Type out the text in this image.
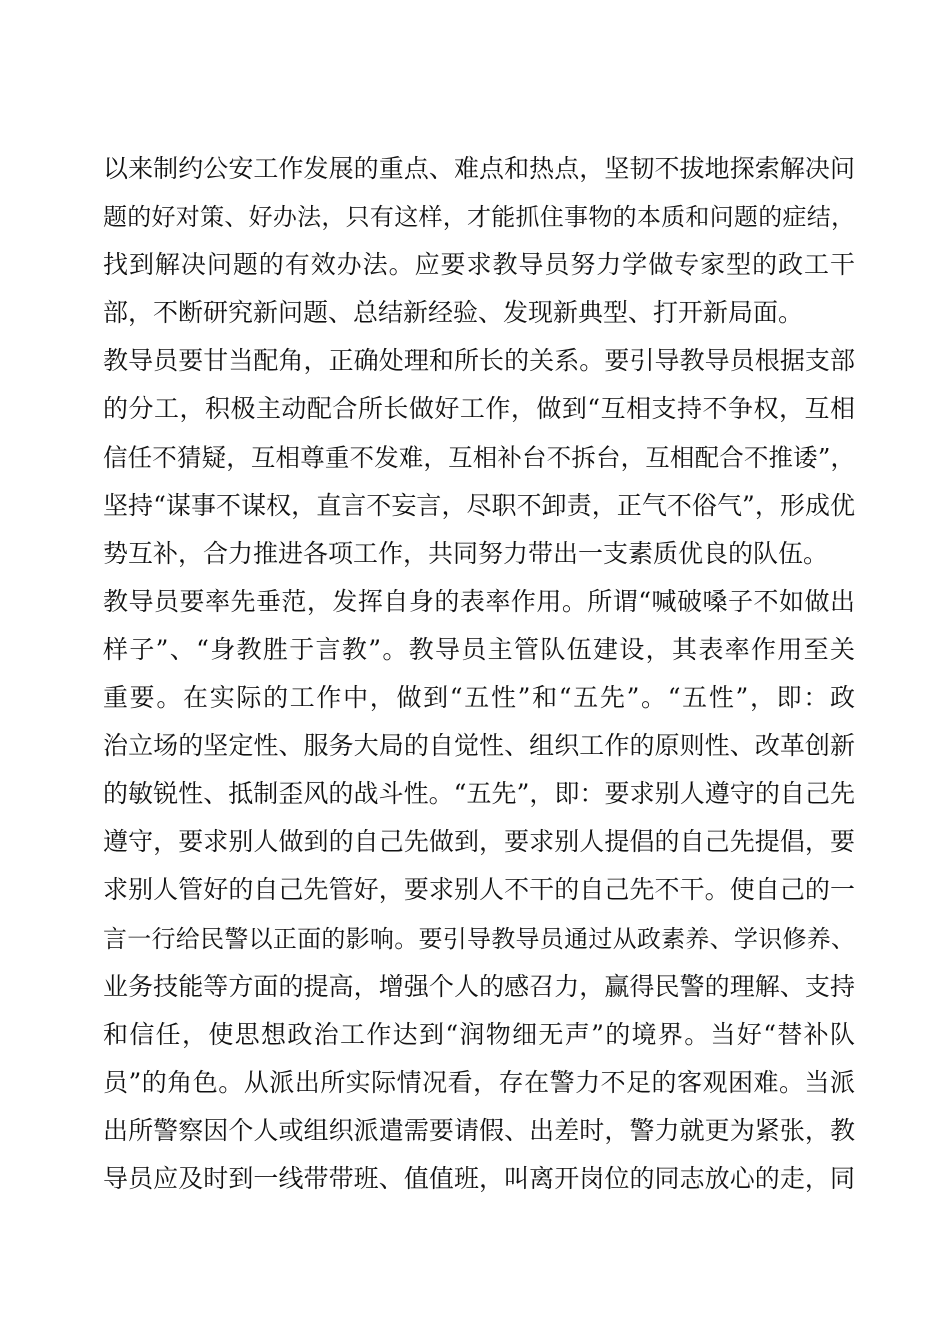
以来制约公安工作发展的重点、难点和热点，坚韧不拔地探索解决问
题的好对策、好办法，只有这样，才能抓住事物的本质和问题的症结，
找到解决问题的有效办法。应要求教导员努力学做专家型的政工干
部，不断研究新问题、总结新经验、发现新典型、打开新局面。
教导员要甘当配角，正确处理和所长的关系。要引导教导员根据支部
的分工，积极主动配合所长做好工作，做到“互相支持不争权，互相
信任不猜疑，互相尊重不发难，互相补台不拆台，互相配合不推诿”，
坚持“谋事不谋权，直言不妄言，尽职不卸责，正气不俗气”，形成优
势互补，合力推进各项工作，共同努力带出一支素质优良的队伍。
教导员要率先垂范，发挥自身的表率作用。所谓“喊破嗓子不如做出
样子”、“身教胜于言教”。教导员主管队伍建设，其表率作用至关
重要。在实际的工作中，做到“五性”和“五先”。“五性”，即：政
治立场的坚定性、服务大局的自觉性、组织工作的原则性、改革创新
的敏锐性、抵制歪风的战斗性。“五先”，即：要求别人遵守的自己先
遵守，要求别人做到的自己先做到，要求别人提倡的自己先提倡，要
求别人管好的自己先管好，要求别人不干的自己先不干。使自己的一
言一行给民警以正面的影响。要引导教导员通过从政素养、学识修养、
业务技能等方面的提高，增强个人的感召力，赢得民警的理解、支持
和信任，使思想政治工作达到“润物细无声”的境界。当好“替补队
员”的角色。从派出所实际情况看，存在警力不足的客观困难。当派
出所警察因个人或组织派遣需要请假、出差时，警力就更为紧张，教
导员应及时到一线带带班、值值班，叫离开岗位的同志放心的走，同
